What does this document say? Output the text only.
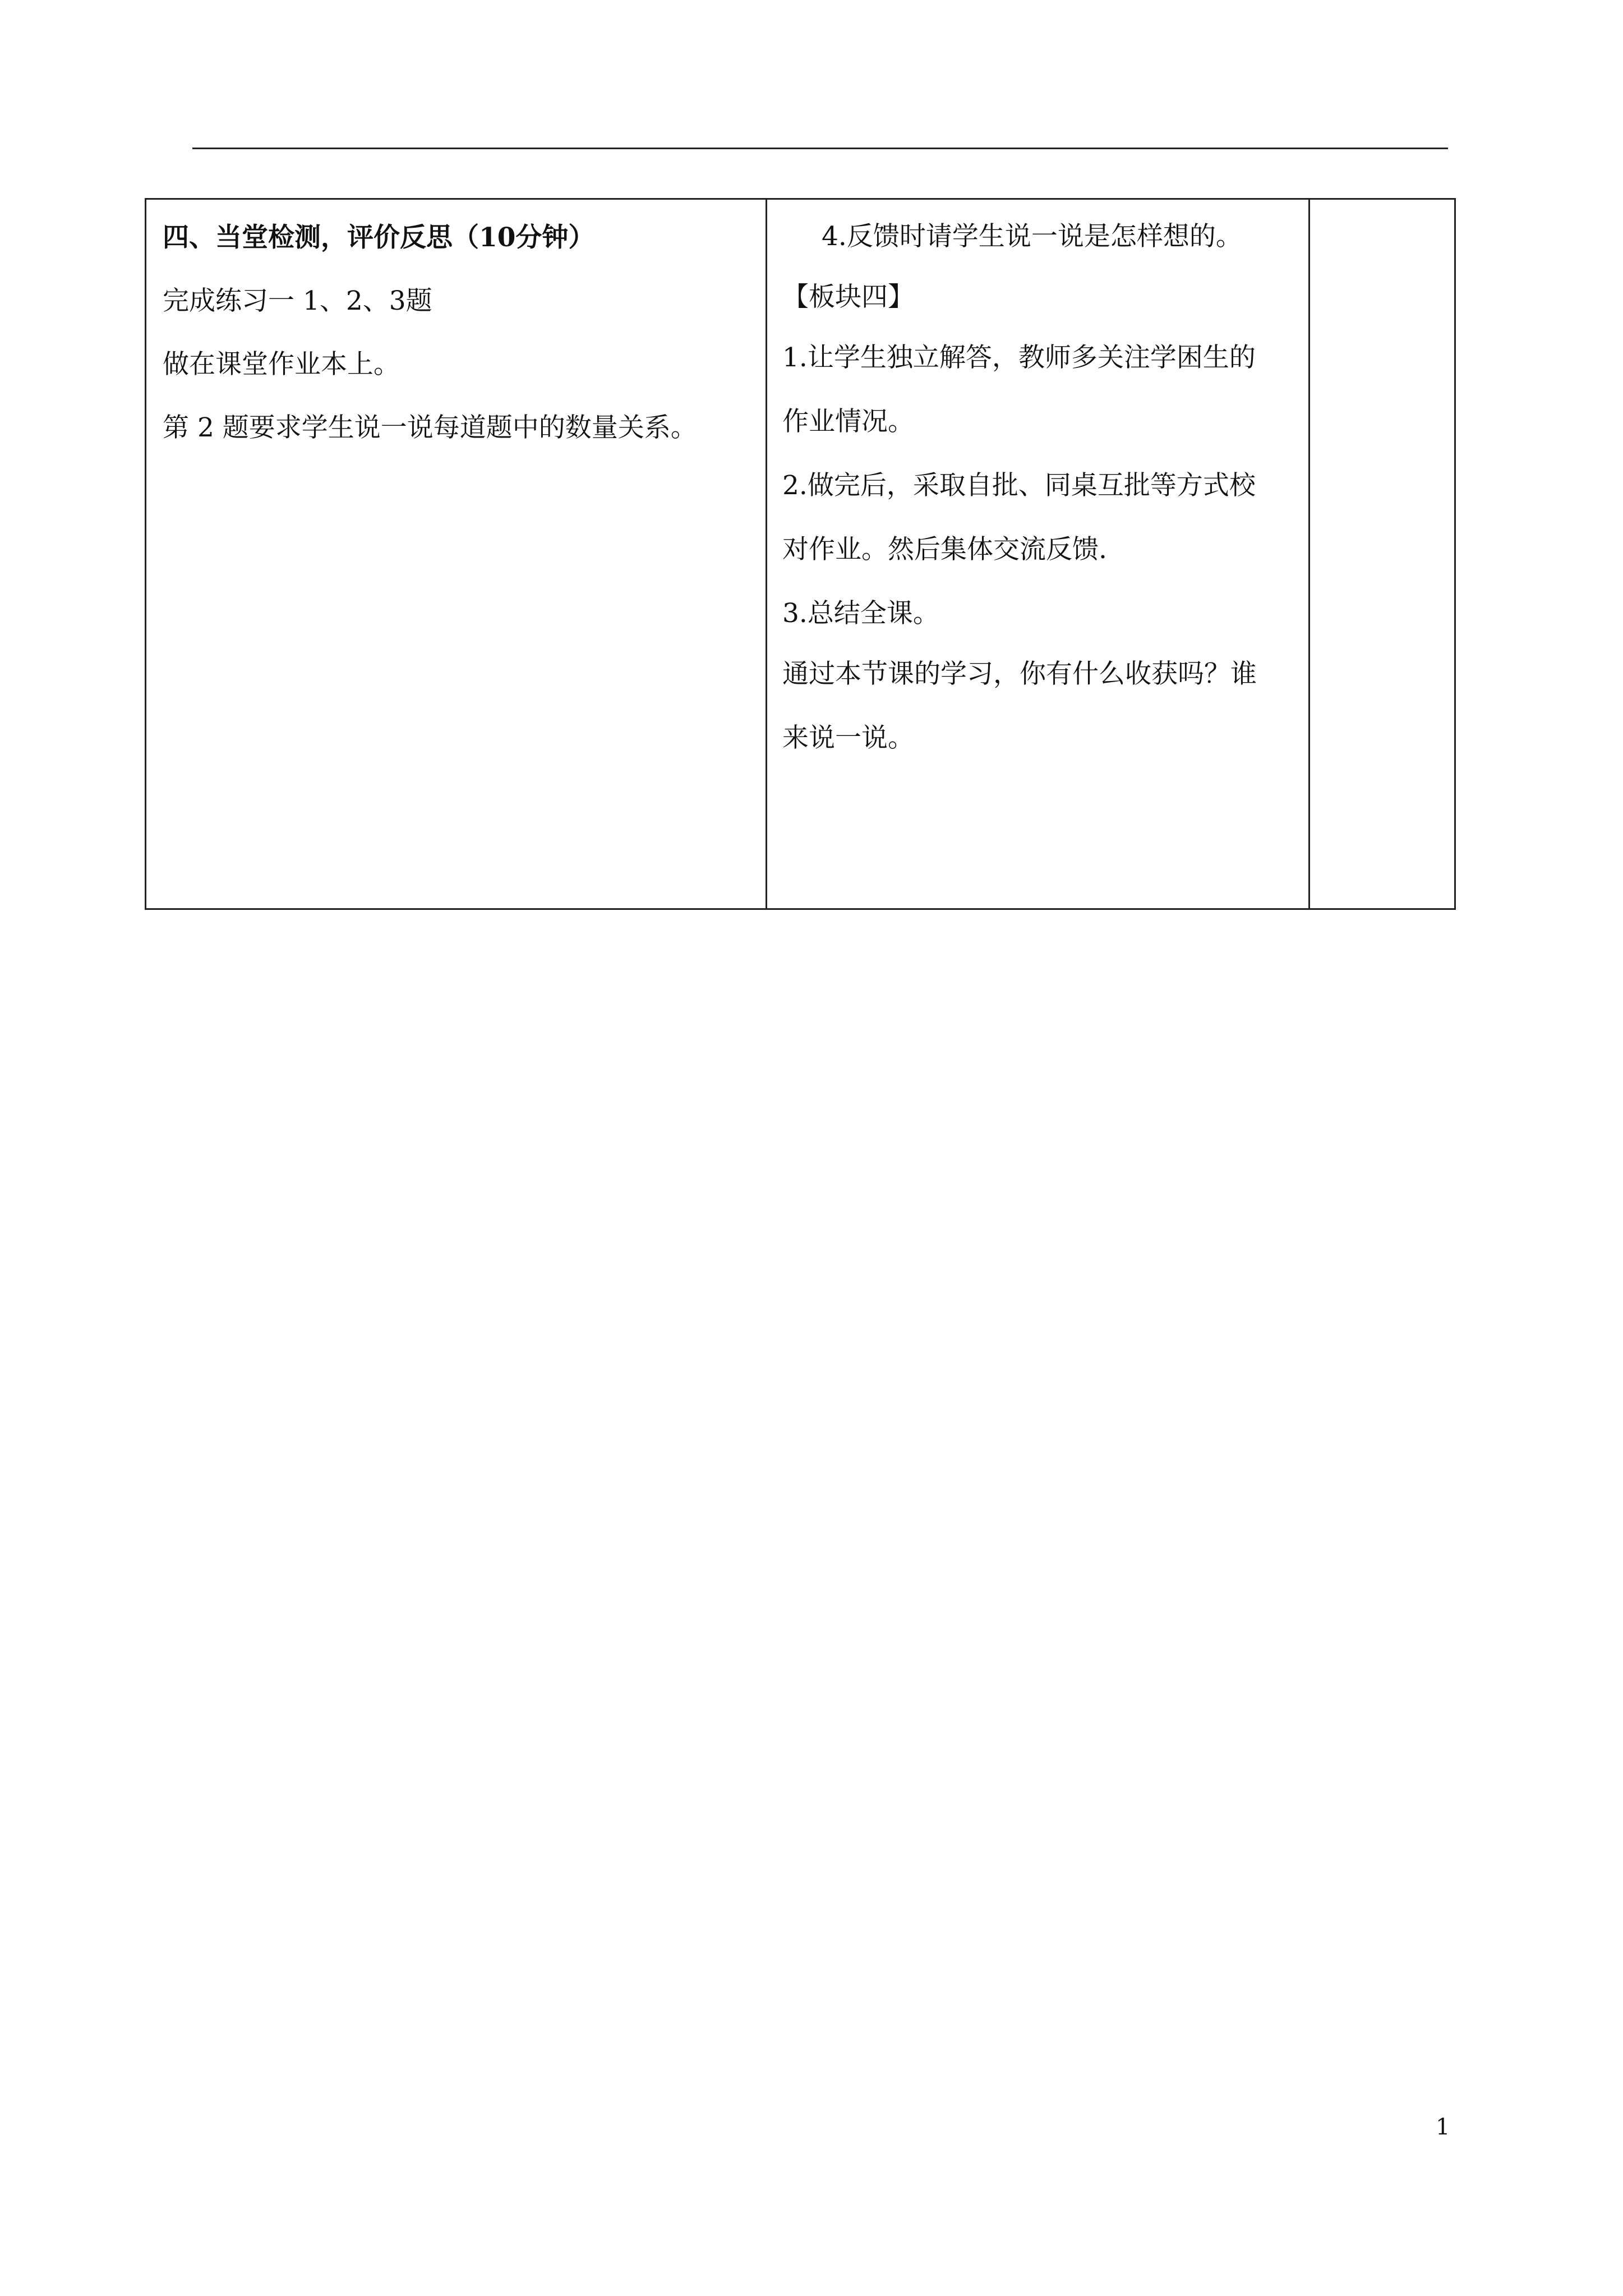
四、当堂检测，评价反思（10分钟）

完成练习一 1、2、3题

做在课堂作业本上。

第 2 题要求学生说一说每道题中的数量关系。

4.反馈时请学生说一说是怎样想的。

【板块四】

1.让学生独立解答，教师多关注学困生的

作业情况。

2.做完后，采取自批、同桌互批等方式校

对作业。然后集体交流反馈.

3.总结全课。

通过本节课的学习，你有什么收获吗？谁

来说一说。

1
